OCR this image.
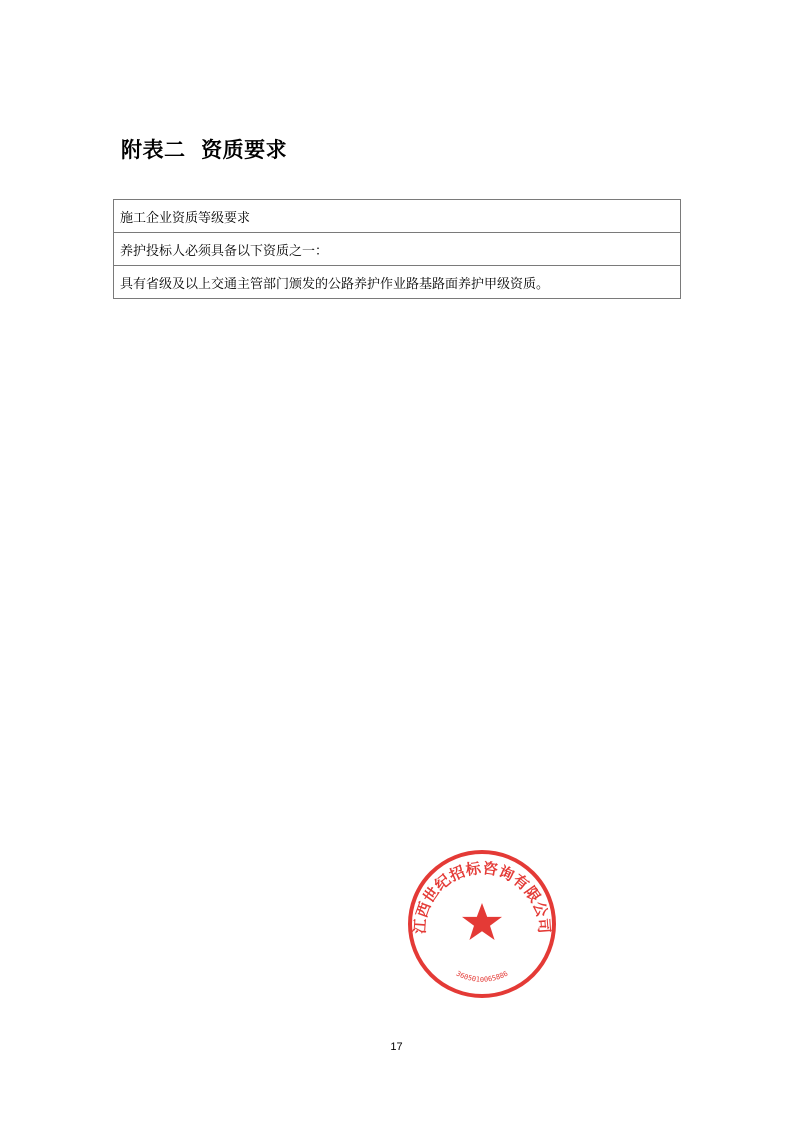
附表二  资质要求
施工企业资质等级要求
养护投标人必须具备以下资质之一：
具有省级及以上交通主管部门颁发的公路养护作业路基路面养护甲级资质。
江西世纪招标咨询有限公司
3605010065886
17
